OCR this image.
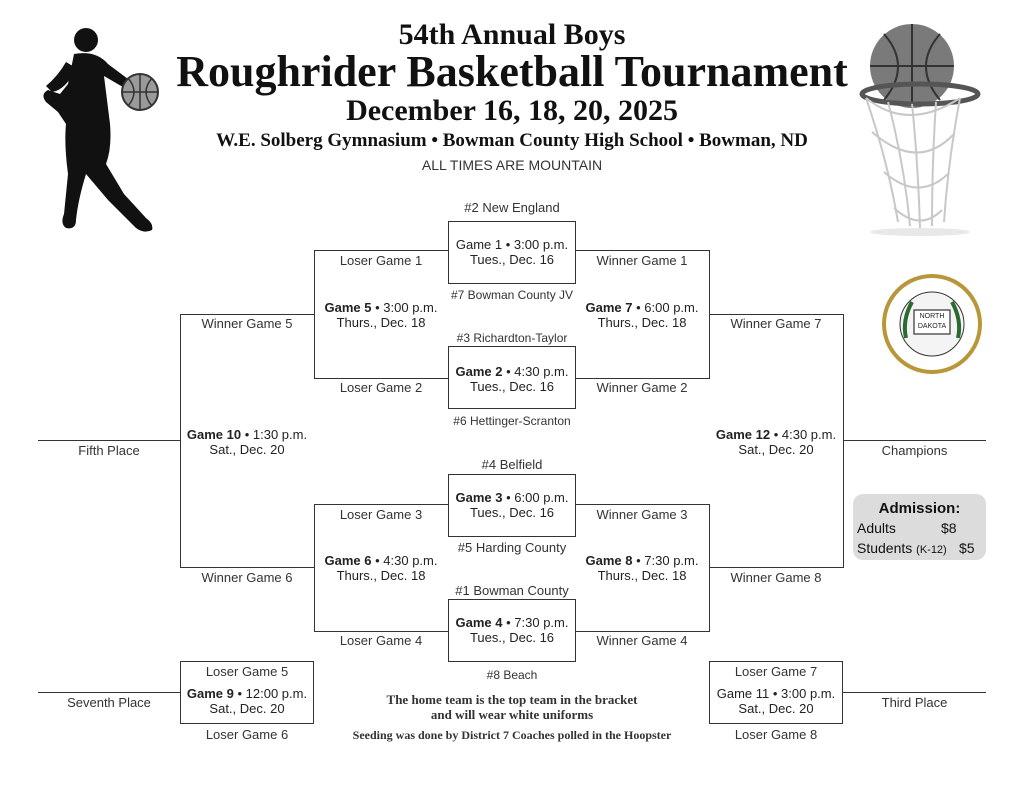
NORTH DAKOTA
54th Annual Boys
Roughrider Basketball Tournament
December 16, 18, 20, 2025
W.E. Solberg Gymnasium • Bowman County High School • Bowman, ND
ALL TIMES ARE MOUNTAIN
#2 New England
#7 Bowman County JV
#3 Richardton-Taylor
#6 Hettinger-Scranton
#4 Belfield
#5 Harding County
#1 Bowman County
#8 Beach
Game 1 • 3:00 p.m.
Tues., Dec. 16
Game 2 • 4:30 p.m.
Tues., Dec. 16
Game 3 • 6:00 p.m.
Tues., Dec. 16
Game 4 • 7:30 p.m.
Tues., Dec. 16
Game 5 • 3:00 p.m.
Thurs., Dec. 18
Game 6 • 4:30 p.m.
Thurs., Dec. 18
Game 7 • 6:00 p.m.
Thurs., Dec. 18
Game 8 • 7:30 p.m.
Thurs., Dec. 18
Game 10 • 1:30 p.m.
Sat., Dec. 20
Game 12 • 4:30 p.m.
Sat., Dec. 20
Game 9 • 12:00 p.m.
Sat., Dec. 20
Game 11 • 3:00 p.m.
Sat., Dec. 20
Loser Game 1
Loser Game 2
Loser Game 3
Loser Game 4
Winner Game 5
Winner Game 6
Loser Game 5
Loser Game 6
Fifth Place
Seventh Place
Winner Game 1
Winner Game 2
Winner Game 3
Winner Game 4
Winner Game 7
Winner Game 8
Loser Game 7
Loser Game 8
Champions
Third Place
The home team is the top team in the bracket
and will wear white uniforms
Seeding was done by District 7 Coaches polled in the Hoopster
Admission:
Adults	$8
Students (K-12) $5
